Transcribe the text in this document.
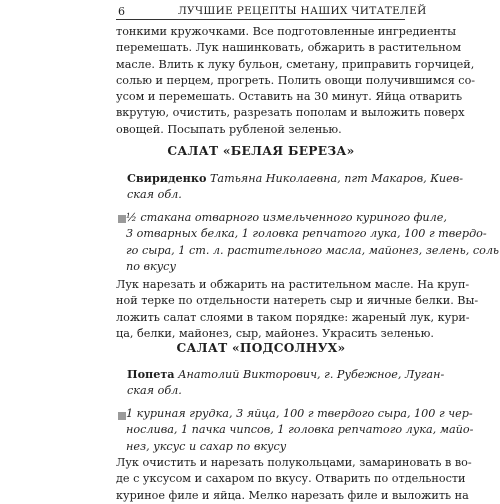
6	ЛУЧШИЕ РЕЦЕПТЫ НАШИХ ЧИТАТЕЛЕЙ
тонкими кружочками. Все подготовленные ингредиенты
перемешать. Лук нашинковать, обжарить в растительном
масле. Влить к луку бульон, сметану, приправить горчицей,
солью и перцем, прогреть. Полить овощи получившимся со-
усом и перемешать. Оставить на 30 минут. Яйца отварить
вкрутую, очистить, разрезать пополам и выложить поверх
овощей. Посыпать рубленой зеленью.
САЛАТ «БЕЛАЯ БЕРЕЗА»
Свириденко Татьяна Николаевна, пгт Макаров, Киев-
ская обл.
½ стакана отварного измельченного куриного филе,
3 отварных белка, 1 головка репчатого лука, 100 г твердо-
го сыра, 1 ст. л. растительного масла, майонез, зелень, соль
по вкусу
Лук нарезать и обжарить на растительном масле. На круп-
ной терке по отдельности натереть сыр и яичные белки. Вы-
ложить салат слоями в таком порядке: жареный лук, кури-
ца, белки, майонез, сыр, майонез. Украсить зеленью.
САЛАТ «ПОДСОЛНУХ»
Попета Анатолий Викторович, г. Рубежное, Луган-
ская обл.
1 куриная грудка, 3 яйца, 100 г твердого сыра, 100 г чер-
нослива, 1 пачка чипсов, 1 головка репчатого лука, майо-
нез, уксус и сахар по вкусу
Лук очистить и нарезать полукольцами, замариновать в во-
де с уксусом и сахаром по вкусу. Отварить по отдельности
куриное филе и яйца. Мелко нарезать филе и выложить на
